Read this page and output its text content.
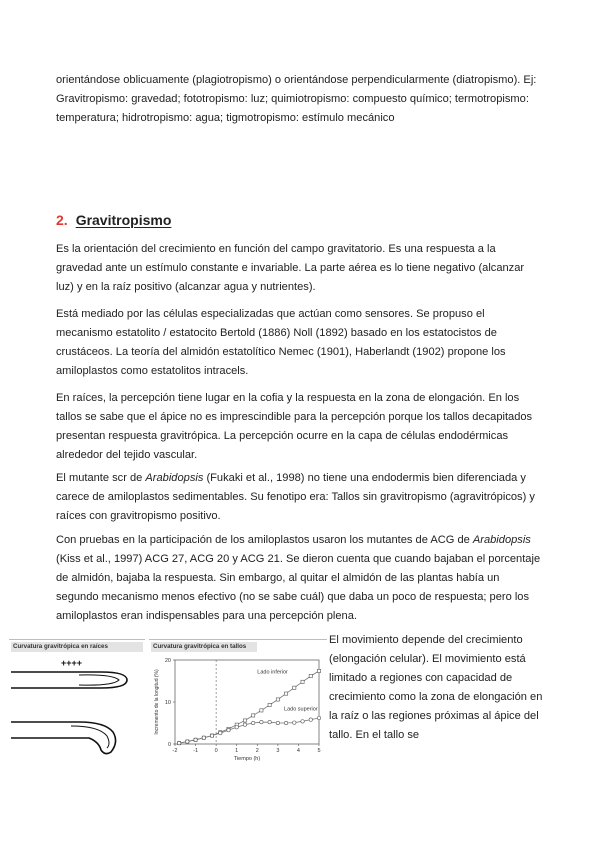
orientándose oblicuamente (plagiotropismo) o orientándose perpendicularmente (diatropismo). Ej: Gravitropismo: gravedad; fototropismo: luz; quimiotropismo: compuesto químico; termotropismo: temperatura; hidrotropismo: agua; tigmotropismo: estímulo mecánico

2. Gravitropismo

Es la orientación del crecimiento en función del campo gravitatorio. Es una respuesta a la gravedad ante un estímulo constante e invariable. La parte aérea es lo tiene negativo (alcanzar luz) y en la raíz positivo (alcanzar agua y nutrientes).

Está mediado por las células especializadas que actúan como sensores. Se propuso el mecanismo estatolito / estatocito Bertold (1886) Noll (1892) basado en los estatocistos de crustáceos. La teoría del almidón estatolítico Nemec (1901), Haberlandt (1902) propone los amiloplastos como estatolitos intracels.

En raíces, la percepción tiene lugar en la cofia y la respuesta en la zona de elongación. En los tallos se sabe que el ápice no es imprescindible para la percepción porque los tallos decapitados presentan respuesta gravitrópica. La percepción ocurre en la capa de células endodérmicas alrededor del tejido vascular.

El mutante scr de Arabidopsis (Fukaki et al., 1998) no tiene una endodermis bien diferenciada y carece de amiloplastos sedimentables. Su fenotipo era: Tallos sin gravitropismo (agravitrópicos) y raíces con gravitropismo positivo.

Con pruebas en la participación de los amiloplastos usaron los mutantes de ACG de Arabidopsis (Kiss et al., 1997) ACG 27, ACG 20 y ACG 21. Se dieron cuenta que cuando bajaban el porcentaje de almidón, bajaba la respuesta. Sin embargo, al quitar el almidón de las plantas había un segundo mecanismo menos efectivo (no se sabe cuál) que daba un poco de respuesta; pero los amiloplastos eran indispensables para una percepción plena.

Curvatura gravitrópica en raíces
++++
Curvatura gravitrópica en tallos
-2	-1	0	1	2	3	4	5
0
10
20
Tiempo (h)
Incremento de la longitud (%)	Lado inferior
Lado superior

El movimiento depende del crecimiento (elongación celular). El movimiento está limitado a regiones con capacidad de crecimiento como la zona de elongación en la raíz o las regiones próximas al ápice del tallo. En el tallo se
